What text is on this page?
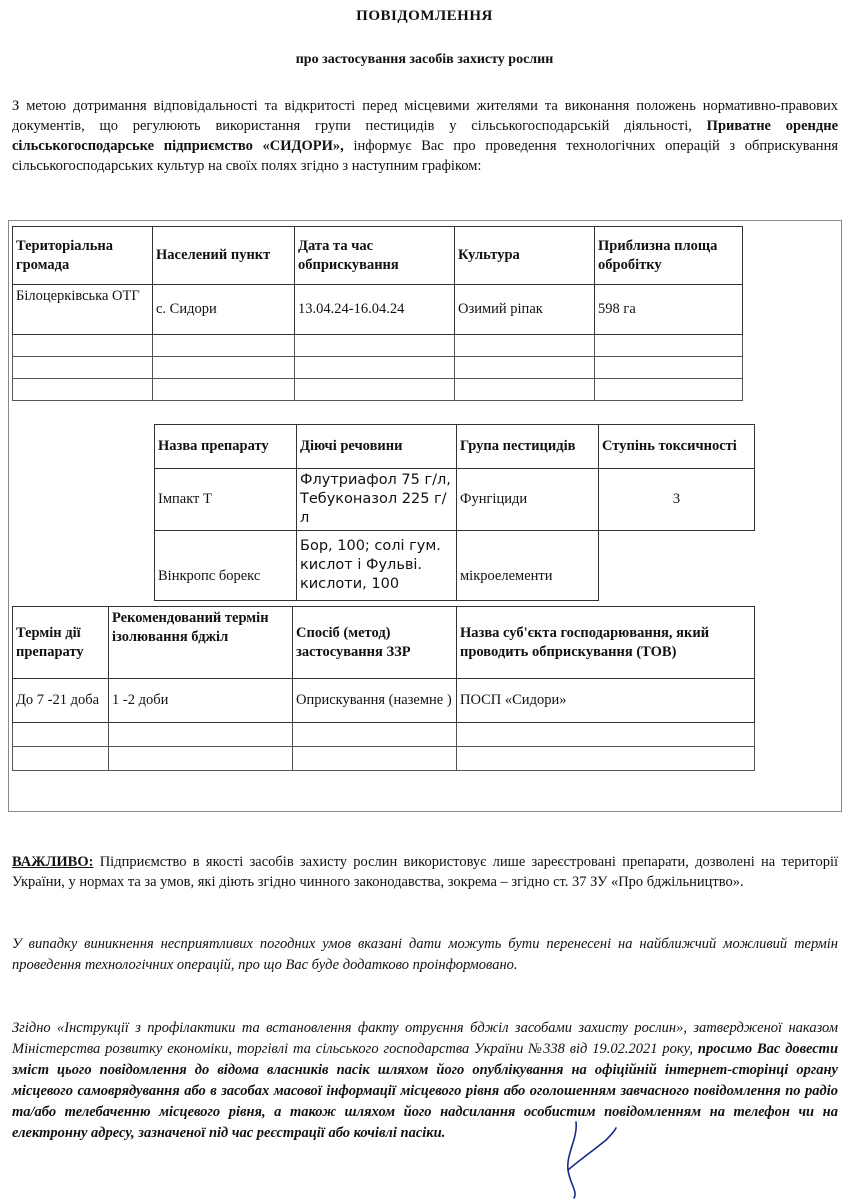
ПОВІДОМЛЕННЯ
про застосування засобів захисту рослин
З метою дотримання відповідальності та відкритості перед місцевими жителями та виконання положень нормативно-правових документів, що регулюють використання групи пестицидів у сільськогосподарській діяльності, Приватне орендне сільськогосподарське підприємство «СИДОРИ», інформує Вас про проведення технологічних операцій з обприскування сільськогосподарських культур на своїх полях згідно з наступним графіком:
Територіальна громада	Населений пункт	Дата та час обприскування	Культура	Приблизна площа обробітку
Білоцерківська ОТГ	с. Сидори	13.04.24-16.04.24	Озимий ріпак	598 га

Назва препарату	Діючі речовини	Група пестицидів	Ступінь токсичності
Імпакт Т	Флутриафол 75 г/л, Тебуконазол 225 г/л	Фунгіциди	3
Вінкропс борекс	Бор, 100; солі гум. кислот і Фульві. кислоти, 100	мікроелементи	
Термін дії препарату	Рекомендований термін ізолювання бджіл	Спосіб (метод) застосування ЗЗР	Назва суб'єкта господарювання, який проводить обприскування (ТОВ)
До 7 -21 доба	1 -2 доби	Оприскування (наземне )	ПОСП «Сидори»

ВАЖЛИВО: Підприємство в якості засобів захисту рослин використовує лише зареєстровані препарати, дозволені на території України, у нормах та за умов, які діють згідно чинного законодавства, зокрема – згідно ст. 37 ЗУ «Про бджільництво».
У випадку виникнення несприятливих погодних умов вказані дати можуть бути перенесені на найближчий можливий термін проведення технологічних операцій, про що Вас буде додатково проінформовано.
Згідно «Інструкції з профілактики та встановлення факту отруєння бджіл засобами захисту рослин», затвердженої наказом Міністерства розвитку економіки, торгівлі та сільського господарства України №338 від 19.02.2021 року, просимо Вас довести зміст цього повідомлення до відома власників пасік шляхом його опублікування на офіційній інтернет-сторінці органу місцевого самоврядування або в засобах масової інформації місцевого рівня або оголошенням завчасного повідомлення по радіо та/або телебаченню місцевого рівня, а також шляхом його надсилання особистим повідомленням на телефон чи на електронну адресу, зазначеної під час реєстрації або кочівлі пасіки.
